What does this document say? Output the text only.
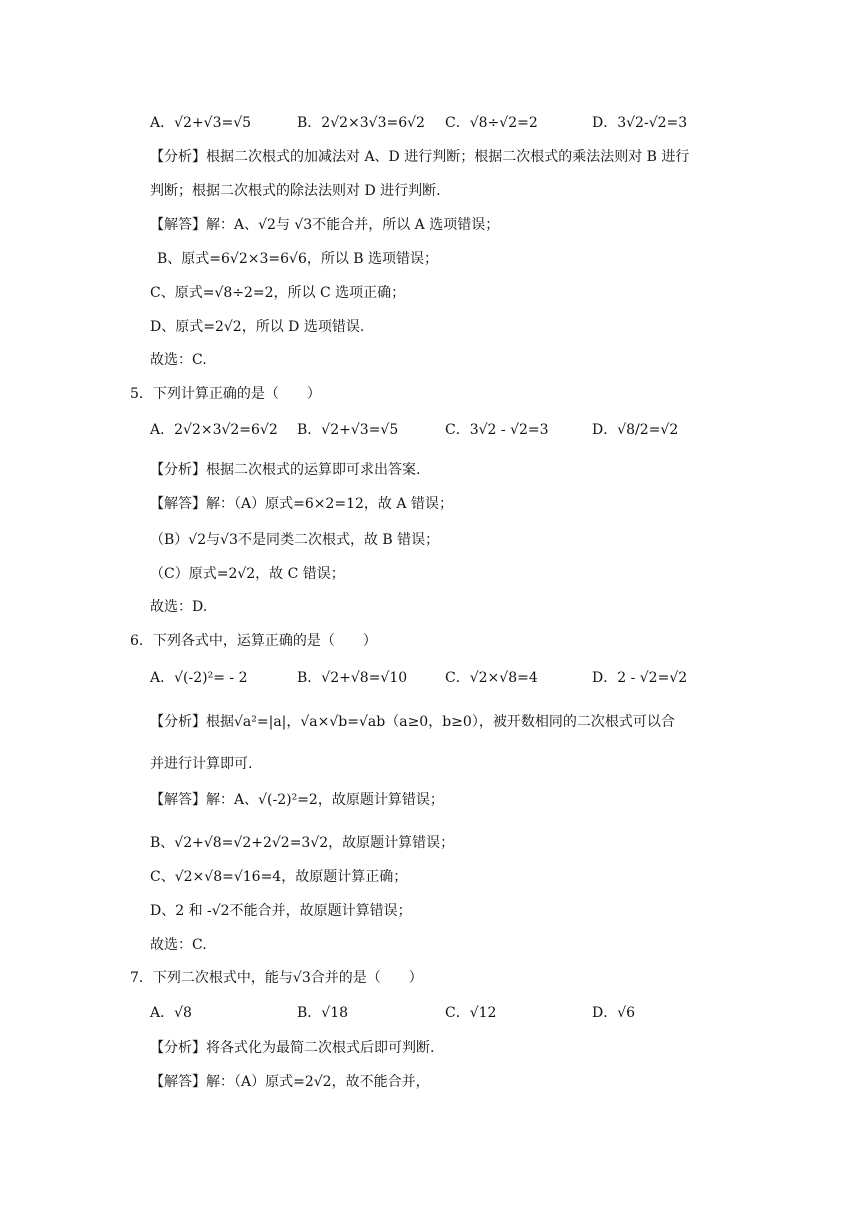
A．√2+√3=√5	B．2√2×3√3=6√2 C．√8÷√2=2	D．3√2-√2=3
【分析】根据二次根式的加减法对 A、D 进行判断；根据二次根式的乘法法则对 B 进行
判断；根据二次根式的除法法则对 D 进行判断.
【解答】解：A、√2与 √3不能合并，所以 A 选项错误；
B、原式=6√2×3=6√6，所以 B 选项错误；
C、原式=√8÷2=2，所以 C 选项正确；
D、原式=2√2，所以 D 选项错误.
故选：C.
5．下列计算正确的是（　　）
A．2√2×3√2=6√2 B．√2+√3=√5	C．3√2 - √2=3	D．√8/2=√2
【分析】根据二次根式的运算即可求出答案.
【解答】解：（A）原式=6×2=12，故 A 错误；
（B）√2与√3不是同类二次根式，故 B 错误；
（C）原式=2√2，故 C 错误；
故选：D.
6．下列各式中，运算正确的是（　　）
A．√(-2)²= - 2	B．√2+√8=√10	C．√2×√8=4	D．2 - √2=√2
【分析】根据√a²=|a|，√a×√b=√ab（a≥0，b≥0），被开数相同的二次根式可以合
并进行计算即可.
【解答】解：A、√(-2)²=2，故原题计算错误；
B、√2+√8=√2+2√2=3√2，故原题计算错误；
C、√2×√8=√16=4，故原题计算正确；
D、2 和 -√2不能合并，故原题计算错误；
故选：C.
7．下列二次根式中，能与√3合并的是（　　）
A．√8	B．√18	C．√12	D．√6
【分析】将各式化为最简二次根式后即可判断.
【解答】解：（A）原式=2√2，故不能合并，
